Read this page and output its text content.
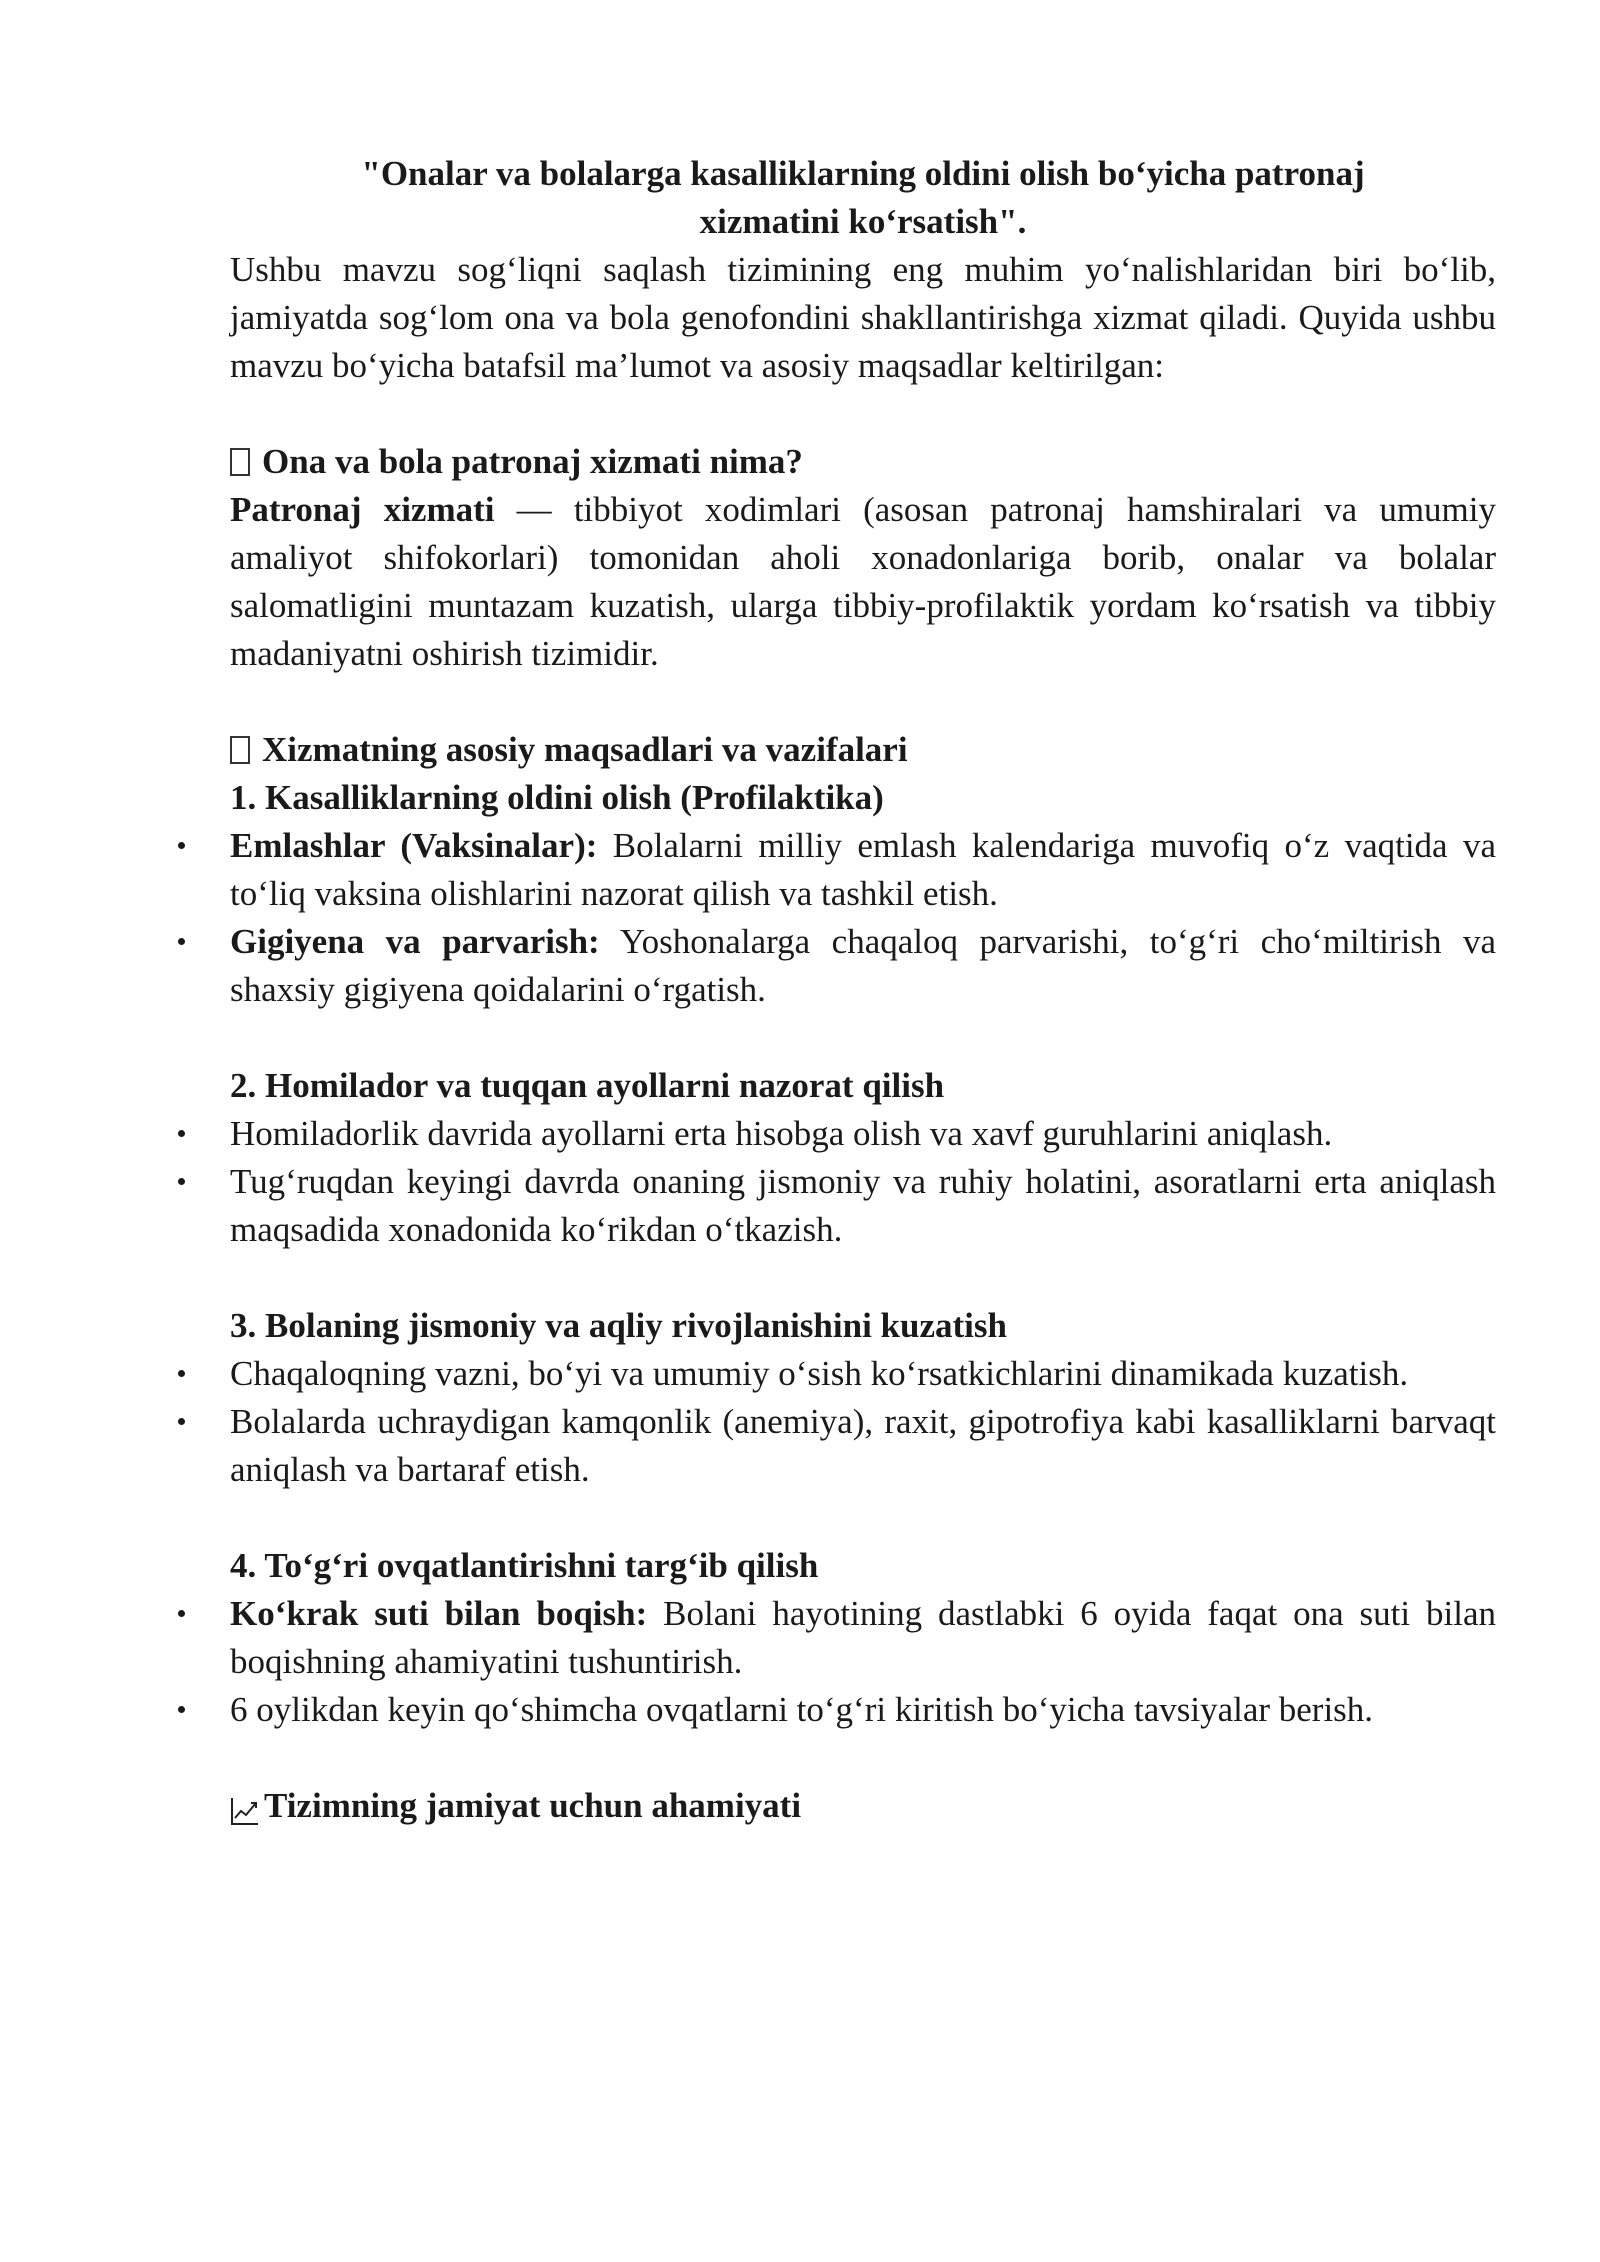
"Onalar va bolalarga kasalliklarning oldini olish bo‘yicha patronaj
xizmatini ko‘rsatish".

Ushbu mavzu sog‘liqni saqlash tizimining eng muhim yo‘nalishlaridan biri bo‘lib, jamiyatda sog‘lom ona va bola genofondini shakllantirishga xizmat qiladi. Quyida ushbu mavzu bo‘yicha batafsil ma’lumot va asosiy maqsadlar keltirilgan:

Ona va bola patronaj xizmati nima?

Patronaj xizmati — tibbiyot xodimlari (asosan patronaj hamshiralari va umumiy amaliyot shifokorlari) tomonidan aholi xonadonlariga borib, onalar va bolalar salomatligini muntazam kuzatish, ularga tibbiy-profilaktik yordam ko‘rsatish va tibbiy madaniyatni oshirish tizimidir.

Xizmatning asosiy maqsadlari va vazifalari

1. Kasalliklarning oldini olish (Profilaktika)

Emlashlar (Vaksinalar): Bolalarni milliy emlash kalendariga muvofiq o‘z vaqtida va to‘liq vaksina olishlarini nazorat qilish va tashkil etish.
Gigiyena va parvarish: Yoshonalarga chaqaloq parvarishi, to‘g‘ri cho‘miltirish va shaxsiy gigiyena qoidalarini o‘rgatish.

2. Homilador va tuqqan ayollarni nazorat qilish

Homiladorlik davrida ayollarni erta hisobga olish va xavf guruhlarini aniqlash.
Tug‘ruqdan keyingi davrda onaning jismoniy va ruhiy holatini, asoratlarni erta aniqlash maqsadida xonadonida ko‘rikdan o‘tkazish.

3. Bolaning jismoniy va aqliy rivojlanishini kuzatish

Chaqaloqning vazni, bo‘yi va umumiy o‘sish ko‘rsatkichlarini dinamikada kuzatish.
Bolalarda uchraydigan kamqonlik (anemiya), raxit, gipotrofiya kabi kasalliklarni barvaqt aniqlash va bartaraf etish.

4. To‘g‘ri ovqatlantirishni targ‘ib qilish

Ko‘krak suti bilan boqish: Bolani hayotining dastlabki 6 oyida faqat ona suti bilan boqishning ahamiyatini tushuntirish.
6 oylikdan keyin qo‘shimcha ovqatlarni to‘g‘ri kiritish bo‘yicha tavsiyalar berish.

Tizimning jamiyat uchun ahamiyati
